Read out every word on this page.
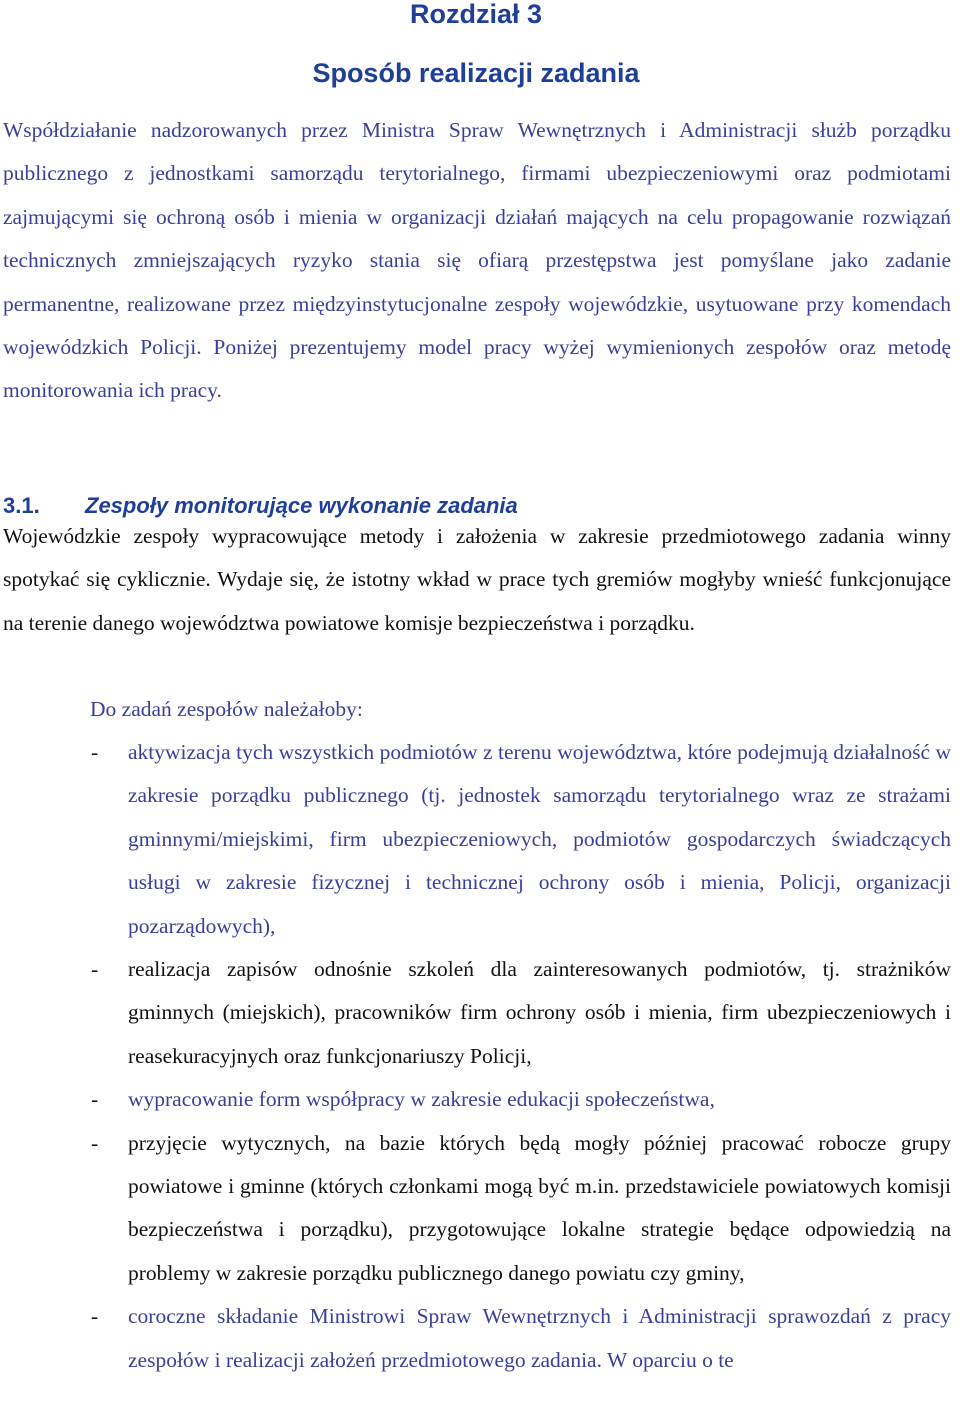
Rozdział 3
Sposób realizacji zadania

Współdziałanie nadzorowanych przez Ministra Spraw Wewnętrznych i Administracji służb porządku publicznego z jednostkami samorządu terytorialnego, firmami ubezpieczeniowymi oraz podmiotami zajmującymi się ochroną osób i mienia w organizacji działań mających na celu propagowanie rozwiązań technicznych zmniejszających ryzyko stania się ofiarą przestępstwa jest pomyślane jako zadanie permanentne, realizowane przez międzyinstytucjonalne zespoły wojewódzkie, usytuowane przy komendach wojewódzkich Policji. Poniżej prezentujemy model pracy wyżej wymienionych zespołów oraz metodę monitorowania ich pracy.

3.1. Zespoły monitorujące wykonanie zadania

Wojewódzkie zespoły wypracowujące metody i założenia w zakresie przedmiotowego zadania winny spotykać się cyklicznie. Wydaje się, że istotny wkład w prace tych gremiów mogłyby wnieść funkcjonujące na terenie danego województwa powiatowe komisje bezpieczeństwa i porządku.

Do zadań zespołów należałoby:
- aktywizacja tych wszystkich podmiotów z terenu województwa, które podejmują działalność w zakresie porządku publicznego (tj. jednostek samorządu terytorialnego wraz ze strażami gminnymi/miejskimi, firm ubezpieczeniowych, podmiotów gospodarczych świadczących usługi w zakresie fizycznej i technicznej ochrony osób i mienia, Policji, organizacji pozarządowych),

- realizacja zapisów odnośnie szkoleń dla zainteresowanych podmiotów, tj. strażników gminnych (miejskich), pracowników firm ochrony osób i mienia, firm ubezpieczeniowych i reasekuracyjnych oraz funkcjonariuszy Policji,

- wypracowanie form współpracy w zakresie edukacji społeczeństwa,

- przyjęcie wytycznych, na bazie których będą mogły później pracować robocze grupy powiatowe i gminne (których członkami mogą być m.in. przedstawiciele powiatowych komisji bezpieczeństwa i porządku), przygotowujące lokalne strategie będące odpowiedzią na problemy w zakresie porządku publicznego danego powiatu czy gminy,

- coroczne składanie Ministrowi Spraw Wewnętrznych i Administracji sprawozdań z pracy zespołów i realizacji założeń przedmiotowego zadania. W oparciu o te
